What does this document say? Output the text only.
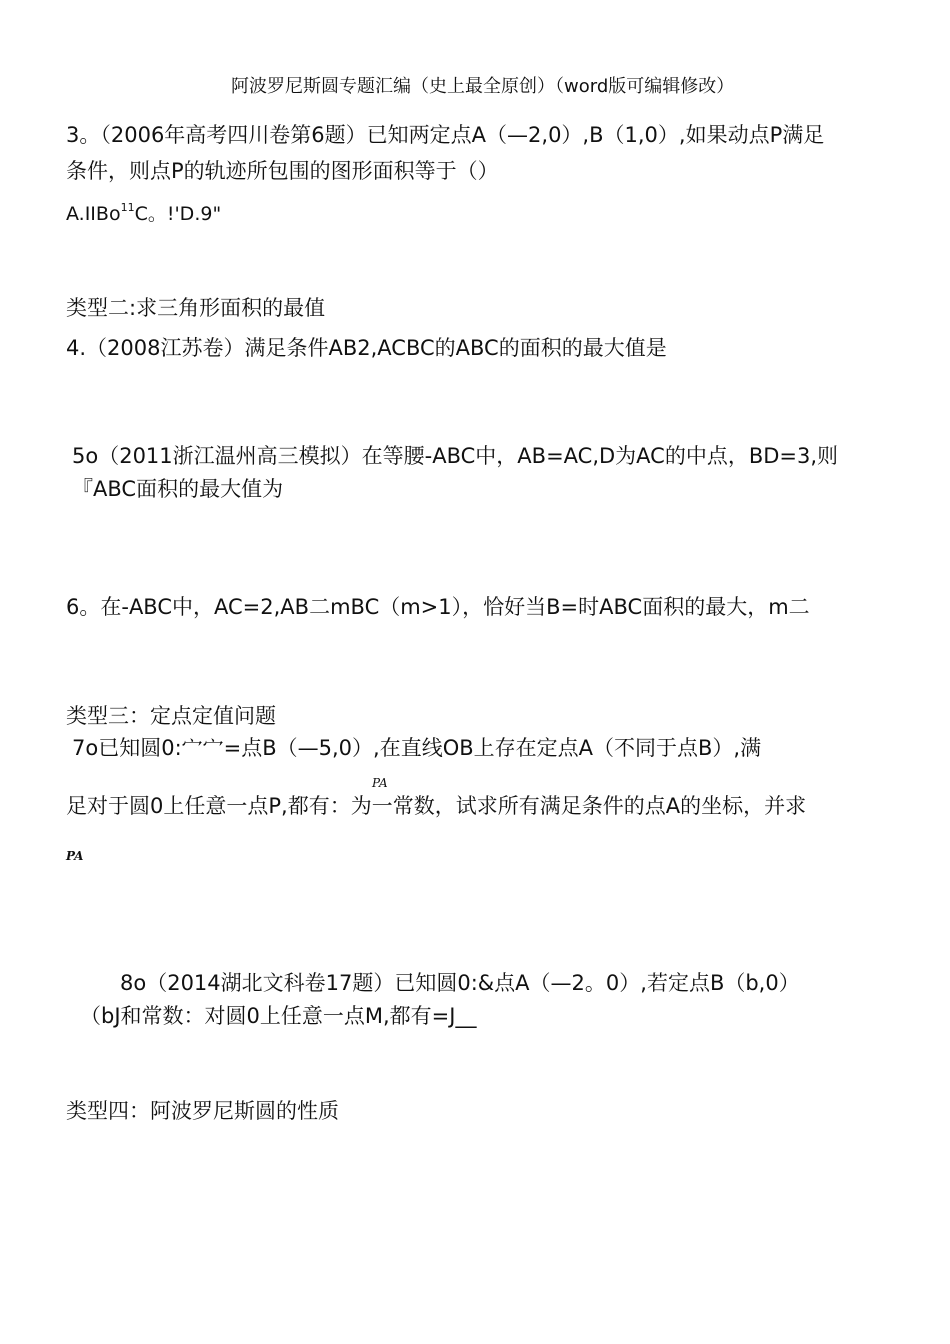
阿波罗尼斯圆专题汇编（史上最全原创）（word版可编辑修改）
3。（2006年高考四川卷第6题）已知两定点A（—2,0）,B（1,0）,如果动点P满足
条件，则点P的轨迹所包围的图形面积等于（）
A.IIBo$^{11}$C。!'D.9"
类型二:求三角形面积的最值
4.（2008江苏卷）满足条件AB2,ACBC的ABC的面积的最大值是
5o（2011浙江温州高三模拟）在等腰-ABC中，AB=AC,D为AC的中点，BD=3,则
『ABC面积的最大值为
6。在-ABC中，AC=2,AB二mBC（m>1），恰好当B=时ABC面积的最大，m二
类型三：定点定值问题
7o已知圆0:宀宀=点B（—5,0）,在直线OB上存在定点A（不同于点B）,满
PA
足对于圆0上任意一点P,都有：为一常数，试求所有满足条件的点A的坐标，并求
PA
8o（2014湖北文科卷17题）已知圆0:&点A（—2。0）,若定点B（b,0）
（bJ和常数：对圆0上任意一点M,都有=J__
类型四：阿波罗尼斯圆的性质
